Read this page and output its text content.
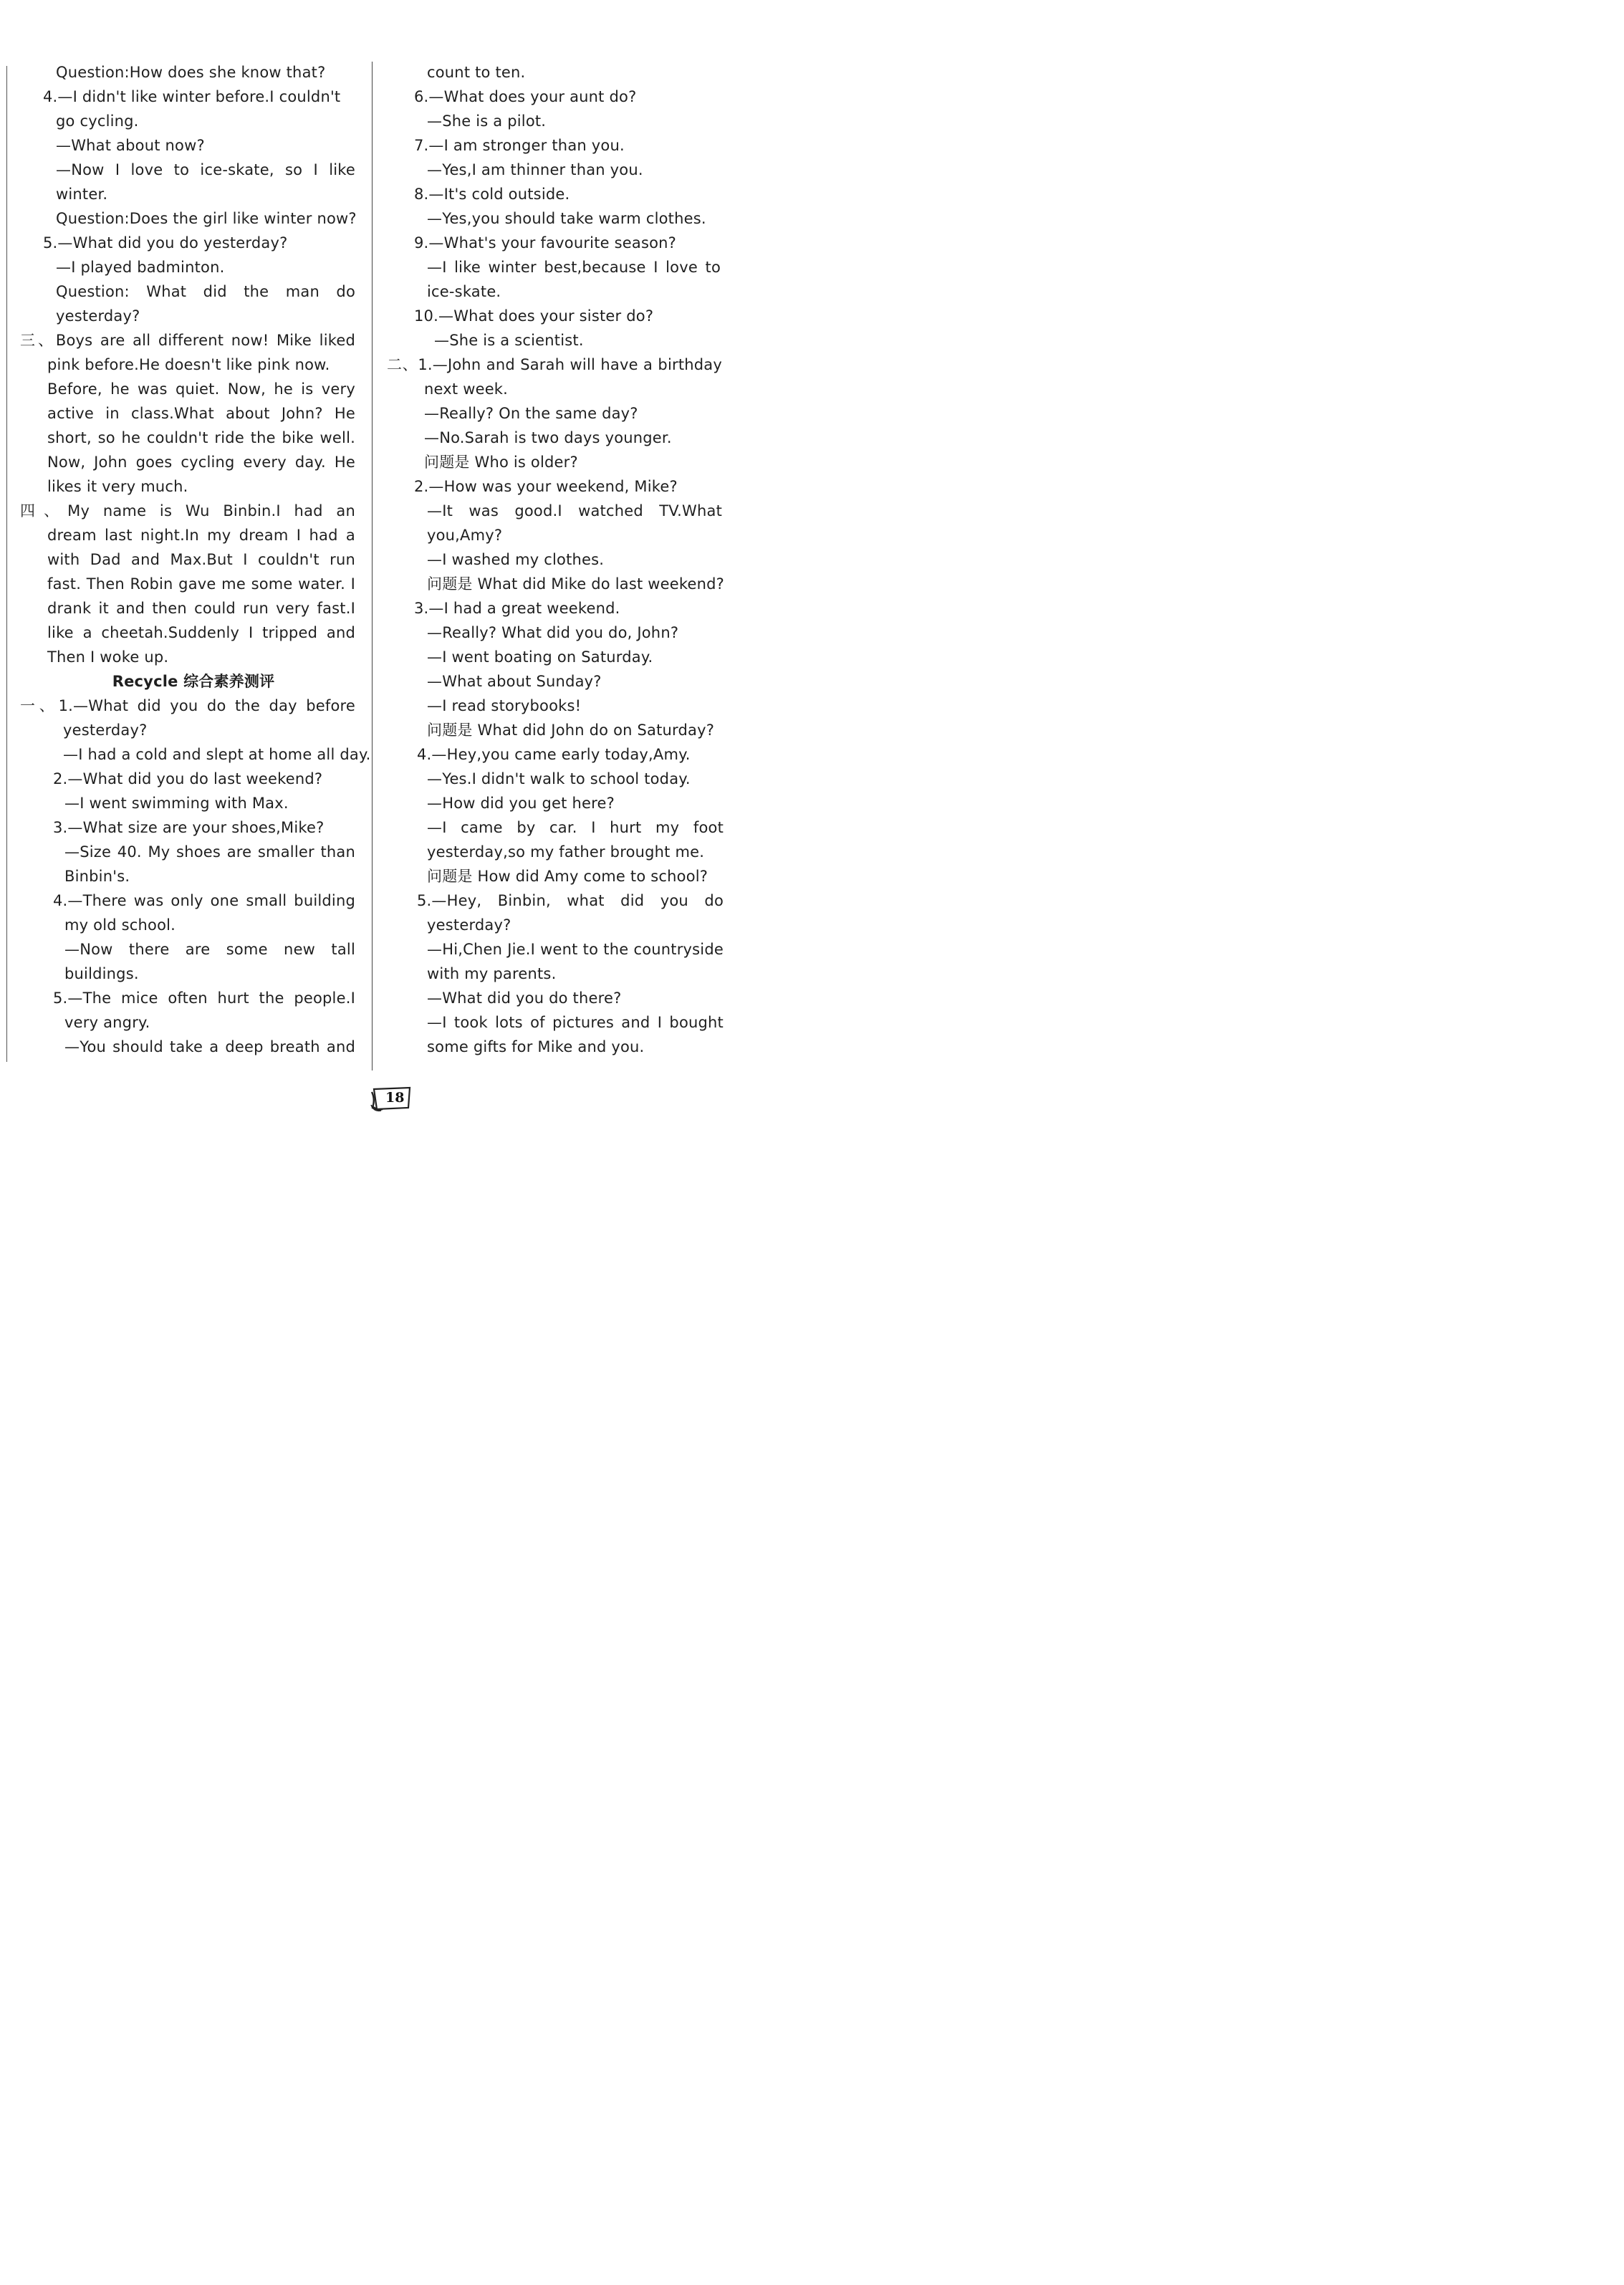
Question:How does she know that?
4.—I didn't like winter before.I couldn't
go cycling.
—What about now?
—Now I love to ice-skate, so I like
winter.
Question:Does the girl like winter now?
5.—What did you do yesterday?
—I played badminton.
Question: What did the man do
yesterday?
三、Boys are all different now! Mike liked
pink before.He doesn't like pink now.
Before, he was quiet. Now, he is very
active in class.What about John? He
short, so he couldn't ride the bike well.
Now, John goes cycling every day. He
likes it very much.
四、My name is Wu Binbin.I had an
dream last night.In my dream I had a
with Dad and Max.But I couldn't run
fast. Then Robin gave me some water. I
drank it and then could run very fast.I
like a cheetah.Suddenly I tripped and
Then I woke up.
Recycle 综合素养测评
一、1.—What did you do the day before
yesterday?
—I had a cold and slept at home all day.
2.—What did you do last weekend?
—I went swimming with Max.
3.—What size are your shoes,Mike?
—Size 40. My shoes are smaller than
Binbin's.
4.—There was only one small building
my old school.
—Now there are some new tall
buildings.
5.—The mice often hurt the people.I
very angry.
—You should take a deep breath and
count to ten.
6.—What does your aunt do?
—She is a pilot.
7.—I am stronger than you.
—Yes,I am thinner than you.
8.—It's cold outside.
—Yes,you should take warm clothes.
9.—What's your favourite season?
—I like winter best,because I love to
ice-skate.
10.—What does your sister do?
—She is a scientist.
二、1.—John and Sarah will have a birthday
next week.
—Really? On the same day?
—No.Sarah is two days younger.
问题是 Who is older?
2.—How was your weekend, Mike?
—It was good.I watched TV.What
you,Amy?
—I washed my clothes.
问题是 What did Mike do last weekend?
3.—I had a great weekend.
—Really? What did you do, John?
—I went boating on Saturday.
—What about Sunday?
—I read storybooks!
问题是 What did John do on Saturday?
4.—Hey,you came early today,Amy.
—Yes.I didn't walk to school today.
—How did you get here?
—I came by car. I hurt my foot
yesterday,so my father brought me.
问题是 How did Amy come to school?
5.—Hey, Binbin, what did you do
yesterday?
—Hi,Chen Jie.I went to the countryside
with my parents.
—What did you do there?
—I took lots of pictures and I bought
some gifts for Mike and you.
18
